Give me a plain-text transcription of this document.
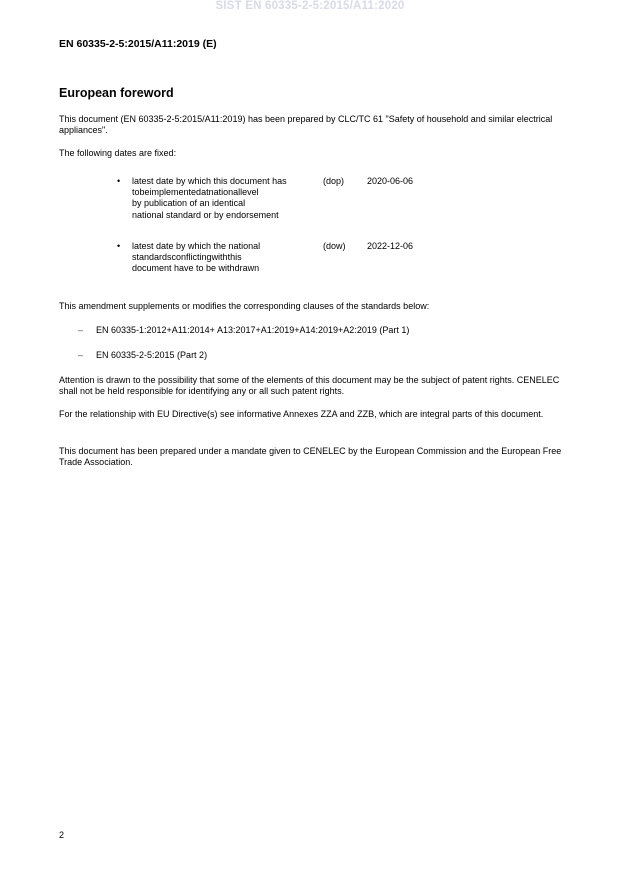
SIST EN 60335-2-5:2015/A11:2020
EN 60335-2-5:2015/A11:2019 (E)
European foreword
This document (EN 60335-2-5:2015/A11:2019) has been prepared by CLC/TC 61 "Safety of household and similar electrical appliances".
The following dates are fixed:
• latest date by which this document has
tobeimplementedatnationallevel
by publication of an identical
national standard or by endorsement
(dop)	2020-06-06
• latest date by which the national
standardsconflictingwiththis
document have to be withdrawn
(dow) 2022-12-06
This amendment supplements or modifies the corresponding clauses of the standards below:
– EN 60335-1:2012+A11:2014+ A13:2017+A1:2019+A14:2019+A2:2019 (Part 1)
– EN 60335-2-5:2015 (Part 2)
Attention is drawn to the possibility that some of the elements of this document may be the subject of patent rights. CENELEC shall not be held responsible for identifying any or all such patent rights.
For the relationship with EU Directive(s) see informative Annexes ZZA and ZZB, which are integral parts of this document.
This document has been prepared under a mandate given to CENELEC by the European Commission and the European Free Trade Association.
2
